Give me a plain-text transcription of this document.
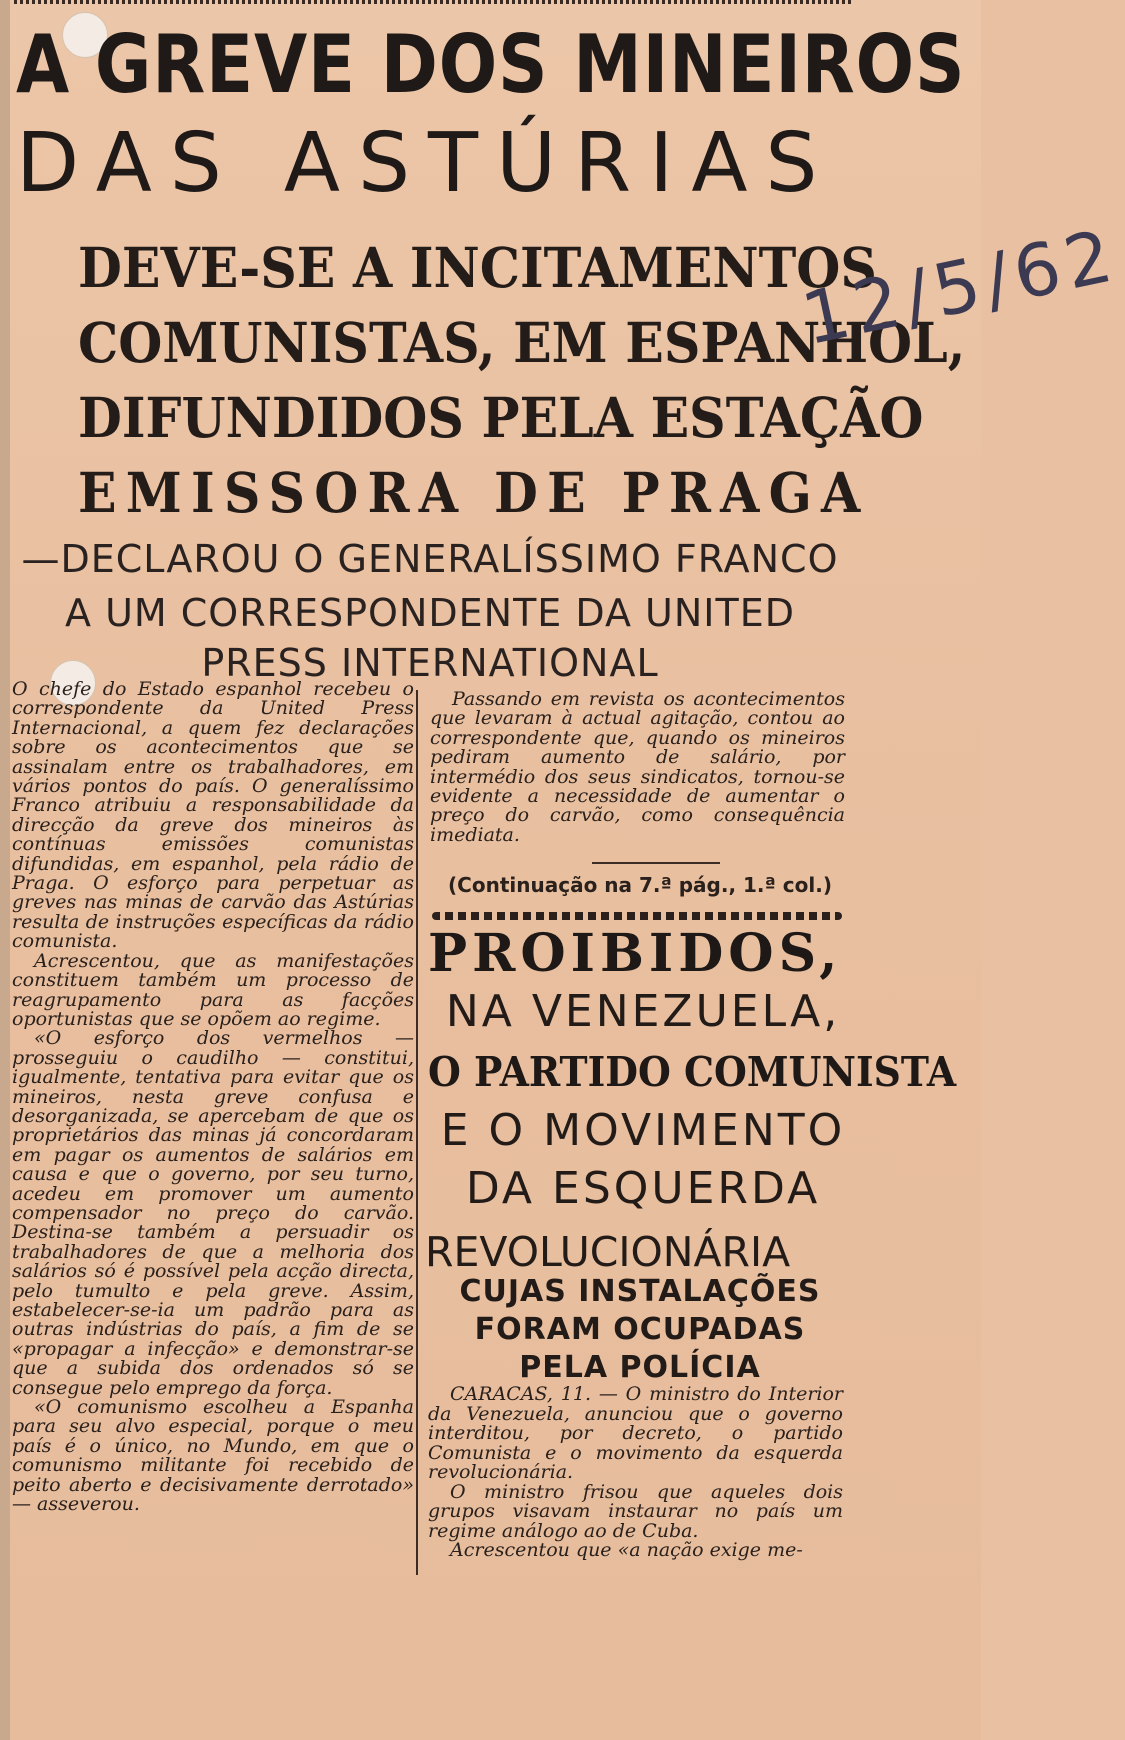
A GREVE DOS MINEIROS
DAS ASTÚRIAS
DEVE-SE A INCITAMENTOS
COMUNISTAS, EM ESPANHOL,
DIFUNDIDOS PELA ESTAÇÃO
EMISSORA DE PRAGA
12/5/62
—DECLAROU O GENERALÍSSIMO FRANCO
A UM CORRESPONDENTE DA UNITED
PRESS INTERNATIONAL

O chefe do Estado espanhol recebeu o correspondente da United Press Internacional, a quem fez declarações sobre os acontecimentos que se assinalam entre os trabalhadores, em vários pontos do país. O generalíssimo Franco atribuiu a responsabilidade da direcção da greve dos mineiros às contínuas emissões comunistas difundidas, em espanhol, pela rádio de Praga. O esforço para perpetuar as greves nas minas de carvão das Astúrias resulta de instruções específicas da rádio comunista.

Acrescentou, que as manifestações constituem também um processo de reagrupamento para as facções oportunistas que se opõem ao regime.

«O esforço dos vermelhos — prosseguiu o caudilho — constitui, igualmente, tentativa para evitar que os mineiros, nesta greve confusa e desorganizada, se apercebam de que os proprietários das minas já concordaram em pagar os aumentos de salários em causa e que o governo, por seu turno, acedeu em promover um aumento compensador no preço do carvão. Destina-se também a persuadir os trabalhadores de que a melhoria dos salários só é possível pela acção directa, pelo tumulto e pela greve. Assim, estabelecer-se-ia um padrão para as outras indústrias do país, a fim de se «propagar a infecção» e demonstrar-se que a subida dos ordenados só se consegue pelo emprego da força.

«O comunismo escolheu a Espanha para seu alvo especial, porque o meu país é o único, no Mundo, em que o comunismo militante foi recebido de peito aberto e decisivamente derrotado» — asseverou.

Passando em revista os acontecimentos que levaram à actual agitação, contou ao correspondente que, quando os mineiros pediram aumento de salário, por intermédio dos seus sindicatos, tornou-se evidente a necessidade de aumentar o preço do carvão, como consequência imediata.

(Continuação na 7.ª pág., 1.ª col.)
PROIBIDOS,
NA VENEZUELA,
O PARTIDO COMUNISTA
E O MOVIMENTO
DA ESQUERDA
REVOLUCIONÁRIA
CUJAS INSTALAÇÕES
FORAM OCUPADAS
PELA POLÍCIA

CARACAS, 11. — O ministro do Interior da Venezuela, anunciou que o governo interditou, por decreto, o partido Comunista e o movimento da esquerda revolucionária.

O ministro frisou que aqueles dois grupos visavam instaurar no país um regime análogo ao de Cuba.

Acrescentou que «a nação exige me-
